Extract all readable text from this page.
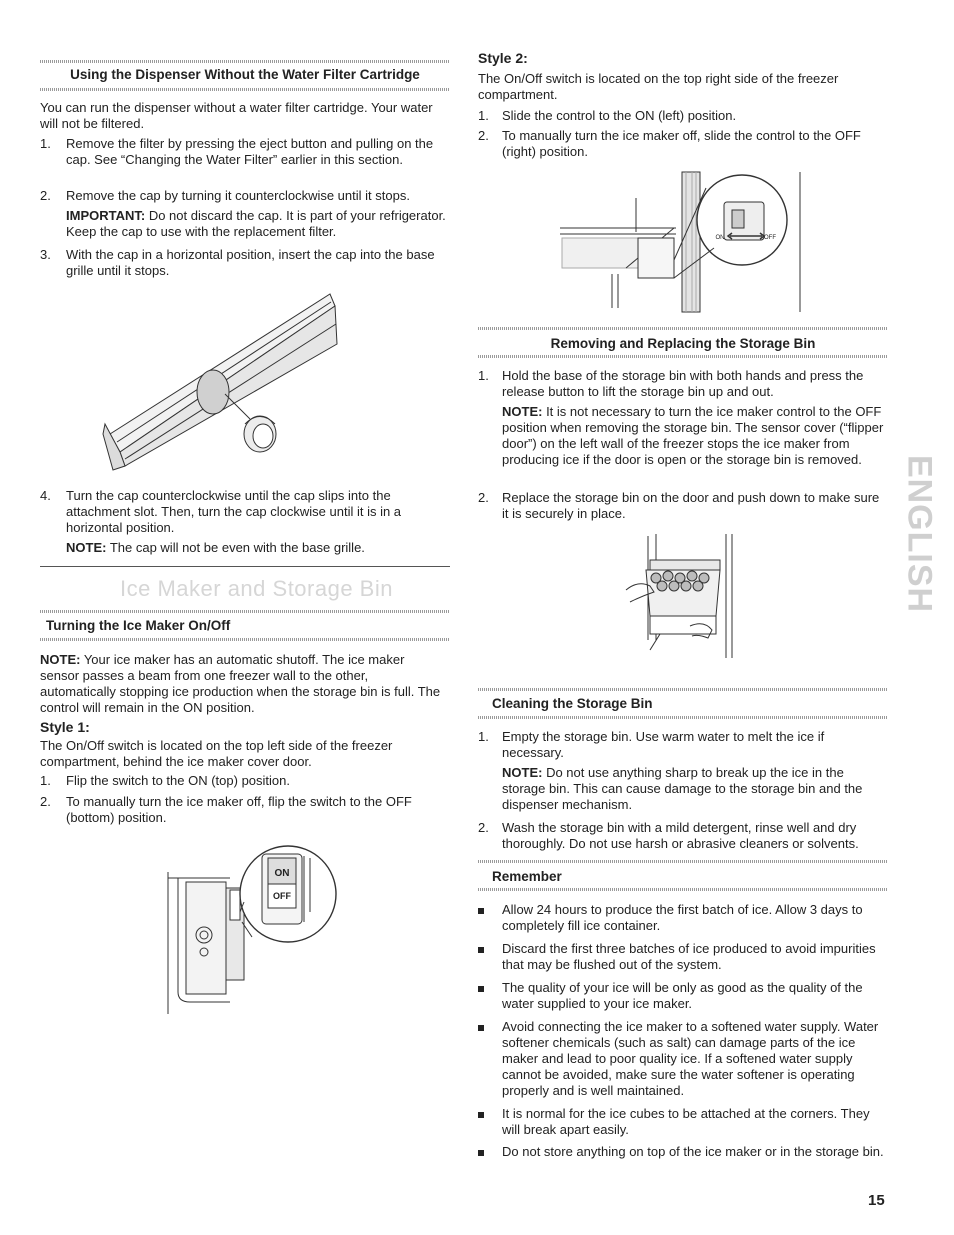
Using the Dispenser Without the Water Filter Cartridge

You can run the dispenser without a water filter cartridge. Your water will not be filtered.

1. Remove the filter by pressing the eject button and pulling on the cap. See “Changing the Water Filter” earlier in this section.

2. Remove the cap by turning it counterclockwise until it stops.

IMPORTANT: Do not discard the cap. It is part of your refrigerator. Keep the cap to use with the replacement filter.

3. With the cap in a horizontal position, insert the cap into the base grille until it stops.

4. Turn the cap counterclockwise until the cap slips into the attachment slot. Then, turn the cap clockwise until it is in a horizontal position.

NOTE: The cap will not be even with the base grille.

Ice Maker and Storage Bin
Turning the Ice Maker On/Off

NOTE: Your ice maker has an automatic shutoff. The ice maker sensor passes a beam from one freezer wall to the other, automatically stopping ice production when the storage bin is full. The control will remain in the ON position.

Style 1:

The On/Off switch is located on the top left side of the freezer compartment, behind the ice maker cover door.

1. Flip the switch to the ON (top) position.

2. To manually turn the ice maker off, flip the switch to the OFF (bottom) position.

ON
OFF
Style 2:

The On/Off switch is located on the top right side of the freezer compartment.

1. Slide the control to the ON (left) position.

2. To manually turn the ice maker off, slide the control to the OFF (right) position.

ON	OFF
Removing and Replacing the Storage Bin
1. Hold the base of the storage bin with both hands and press the release button to lift the storage bin up and out.

NOTE: It is not necessary to turn the ice maker control to the OFF position when removing the storage bin. The sensor cover (“flipper door”) on the left wall of the freezer stops the ice maker from producing ice if the door is open or the storage bin is removed.

2. Replace the storage bin on the door and push down to make sure it is securely in place.

Cleaning the Storage Bin
1. Empty the storage bin. Use warm water to melt the ice if necessary.

NOTE: Do not use anything sharp to break up the ice in the storage bin. This can cause damage to the storage bin and the dispenser mechanism.

2. Wash the storage bin with a mild detergent, rinse well and dry thoroughly. Do not use harsh or abrasive cleaners or solvents.

Remember

Allow 24 hours to produce the first batch of ice. Allow 3 days to completely fill ice container.

Discard the first three batches of ice produced to avoid impurities that may be flushed out of the system.

The quality of your ice will be only as good as the quality of the water supplied to your ice maker.

Avoid connecting the ice maker to a softened water supply. Water softener chemicals (such as salt) can damage parts of the ice maker and lead to poor quality ice. If a softened water supply cannot be avoided, make sure the water softener is operating properly and is well maintained.

It is normal for the ice cubes to be attached at the corners. They will break apart easily.

Do not store anything on top of the ice maker or in the storage bin.

ENGLISH
15
